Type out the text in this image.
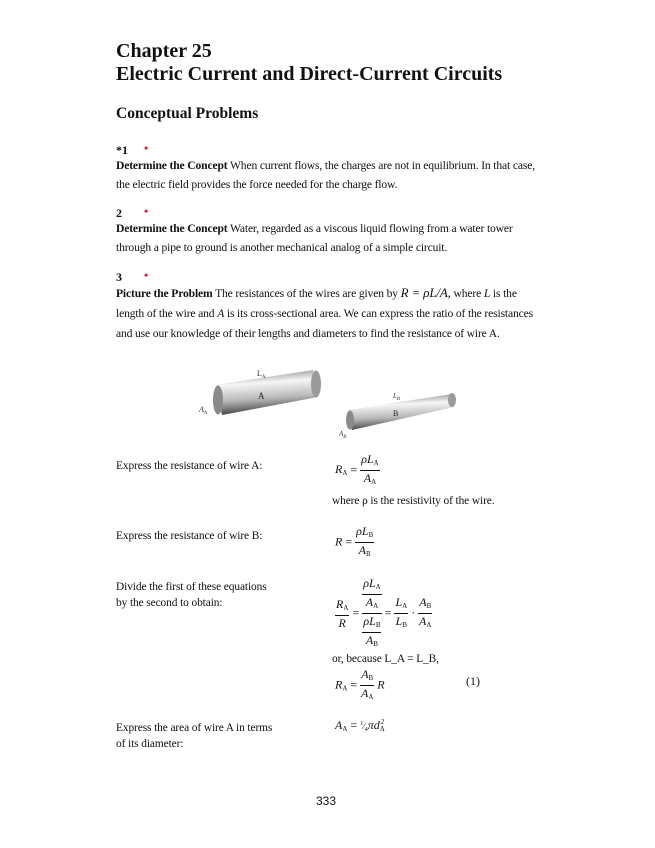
Chapter 25
Electric Current and Direct-Current Circuits
Conceptual Problems
*1 •
Determine the Concept When current flows, the charges are not in equilibrium. In that case, the electric field provides the force needed for the charge flow.
2 •
Determine the Concept Water, regarded as a viscous liquid flowing from a water tower through a pipe to ground is another mechanical analog of a simple circuit.
3 •
Picture the Problem The resistances of the wires are given by R = ρL/A, where L is the length of the wire and A is its cross-sectional area. We can express the ratio of the resistances and use our knowledge of their lengths and diameters to find the resistance of wire A.
A
$L_A$
$A_A$	B
$L_B$
$A_B$
Express the resistance of wire A:	$R_A = \frac{\rho L_A}{A_A}$
where ρ is the resistivity of the wire.
Express the resistance of wire B:	$R = \frac{\rho L_B}{A_B}$
Divide the first of these equations
by the second to obtain:	$\frac{R_A}{R} = \frac{\frac{\rho L_A}{A_A}}{\frac{\rho L_B}{A_B}} = \frac{L_A}{L_B} \cdot \frac{A_B}{A_A}$
or, because L_A = L_B,
$R_A = \frac{A_B}{A_A}$ R	(1)
Express the area of wire A in terms
of its diameter:
$A_A$ = $^1⁄_4\pi d_A^2$
333
